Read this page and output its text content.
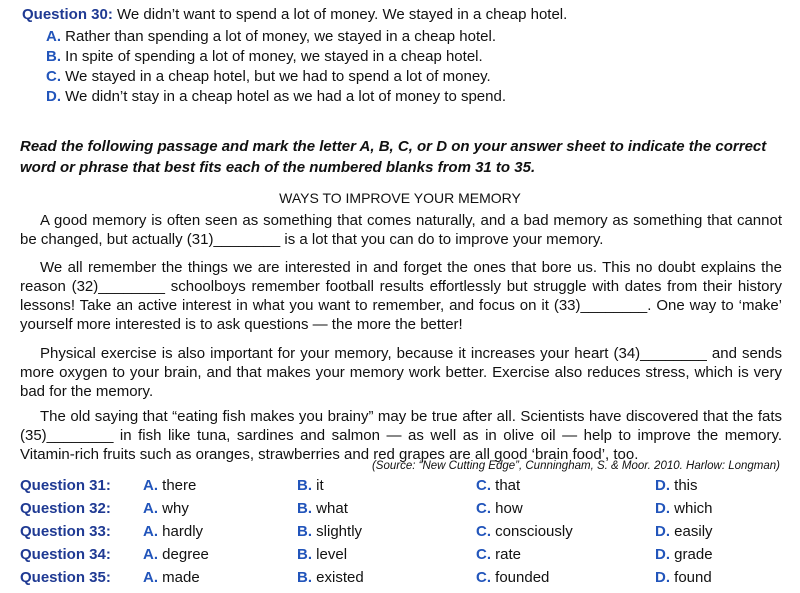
Question 30: We didn’t want to spend a lot of money. We stayed in a cheap hotel.
A. Rather than spending a lot of money, we stayed in a cheap hotel.
B. In spite of spending a lot of money, we stayed in a cheap hotel.
C. We stayed in a cheap hotel, but we had to spend a lot of money.
D. We didn’t stay in a cheap hotel as we had a lot of money to spend.
Read the following passage and mark the letter A, B, C, or D on your answer sheet to indicate the correct word or phrase that best fits each of the numbered blanks from 31 to 35.
WAYS TO IMPROVE YOUR MEMORY
A good memory is often seen as something that comes naturally, and a bad memory as something that cannot be changed, but actually (31)________ is a lot that you can do to improve your memory.
We all remember the things we are interested in and forget the ones that bore us. This no doubt explains the reason (32)________ schoolboys remember football results effortlessly but struggle with dates from their history lessons! Take an active interest in what you want to remember, and focus on it (33)________. One way to ‘make’ yourself more interested is to ask questions — the more the better!
Physical exercise is also important for your memory, because it increases your heart (34)________ and sends more oxygen to your brain, and that makes your memory work better. Exercise also reduces stress, which is very bad for the memory.
The old saying that “eating fish makes you brainy” may be true after all. Scientists have discovered that the fats (35)________ in fish like tuna, sardines and salmon — as well as in olive oil — help to improve the memory. Vitamin-rich fruits such as oranges, strawberries and red grapes are all good ‘brain food’, too.
(Source: “New Cutting Edge”, Cunningham, S. & Moor. 2010. Harlow: Longman)
Question 31: A. there	B. it	C. that	D. this
Question 32: A. why	B. what	C. how	D. which
Question 33: A. hardly	B. slightly	C. consciously	D. easily
Question 34: A. degree	B. level	C. rate	D. grade
Question 35: A. made	B. existed	C. founded	D. found
